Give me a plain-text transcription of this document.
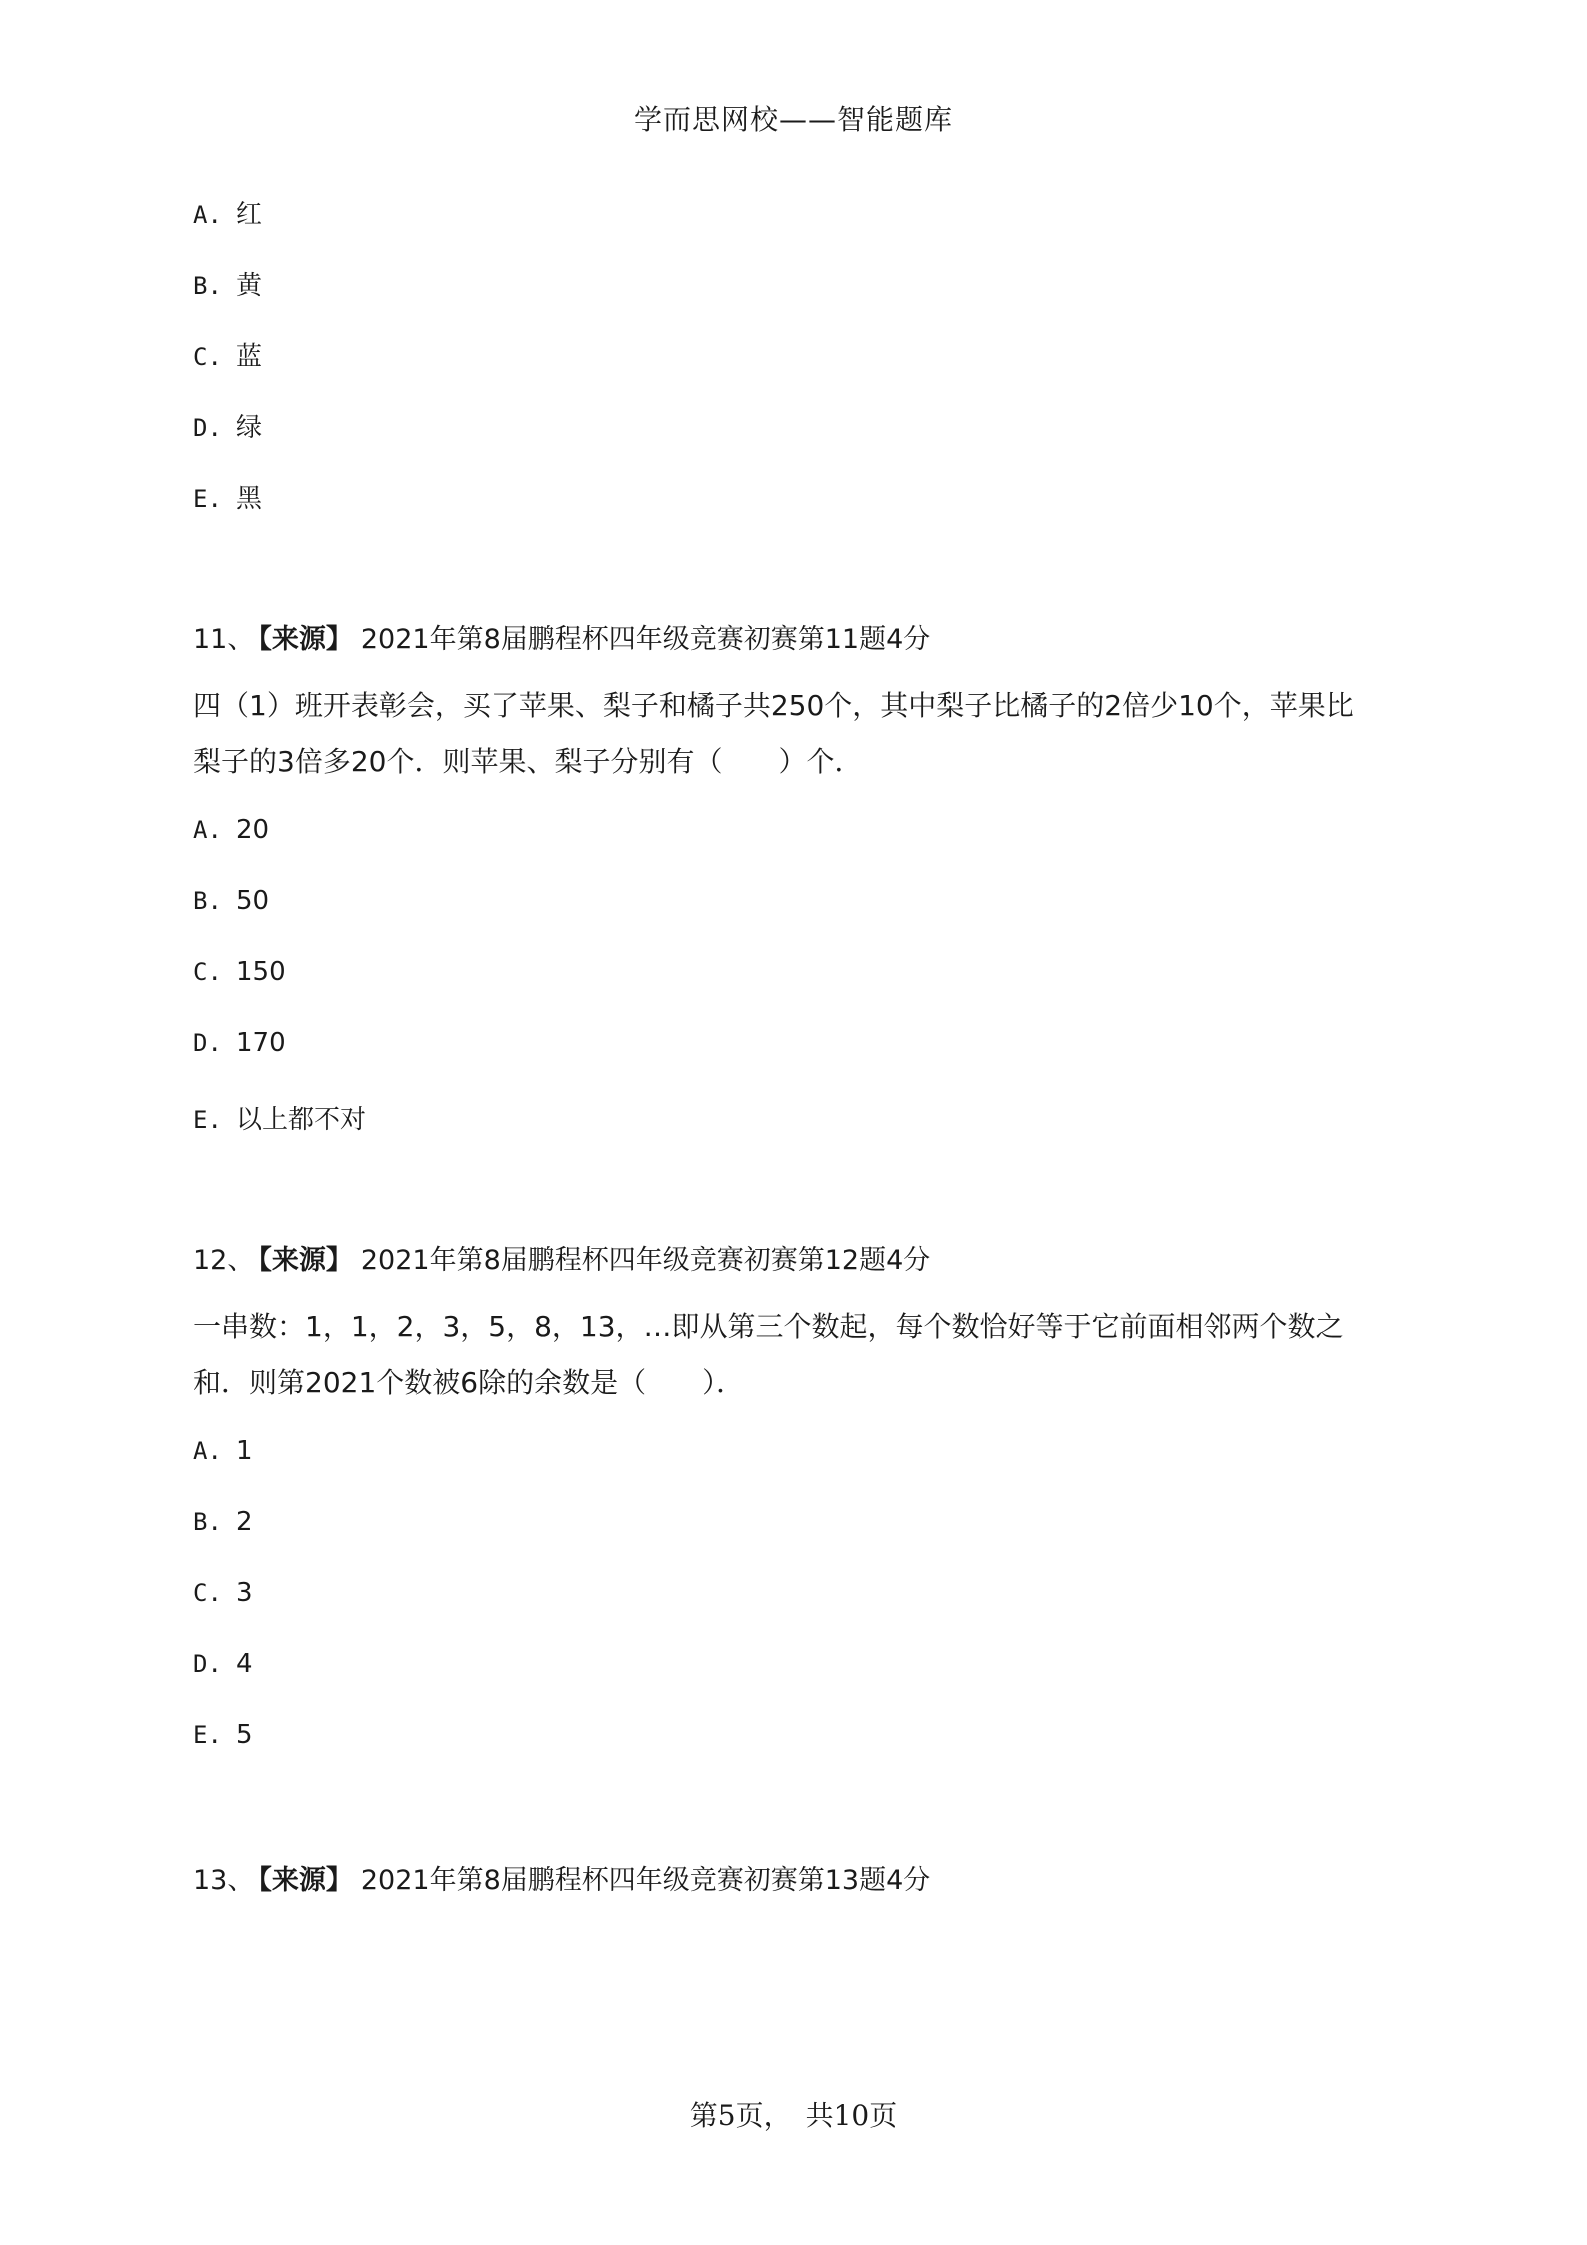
学而思网校——智能题库
A. 红
B. 黄
C. 蓝
D. 绿
E. 黑
11、 【来源】 2021年第8届鹏程杯四年级竞赛初赛第11题4分
四（1）班开表彰会，买了苹果、梨子和橘子共250个，其中梨子比橘子的2倍少10个，苹果比
梨子的3倍多20个．则苹果、梨子分别有（　　）个．
A. 20
B. 50
C. 150
D. 170
E. 以上都不对
12、 【来源】 2021年第8届鹏程杯四年级竞赛初赛第12题4分
一串数：1，1，2，3，5，8，13，…即从第三个数起，每个数恰好等于它前面相邻两个数之
和．则第2021个数被6除的余数是（　　）．
A. 1
B. 2
C. 3
D. 4
E. 5
13、 【来源】 2021年第8届鹏程杯四年级竞赛初赛第13题4分
第5页，　共10页
